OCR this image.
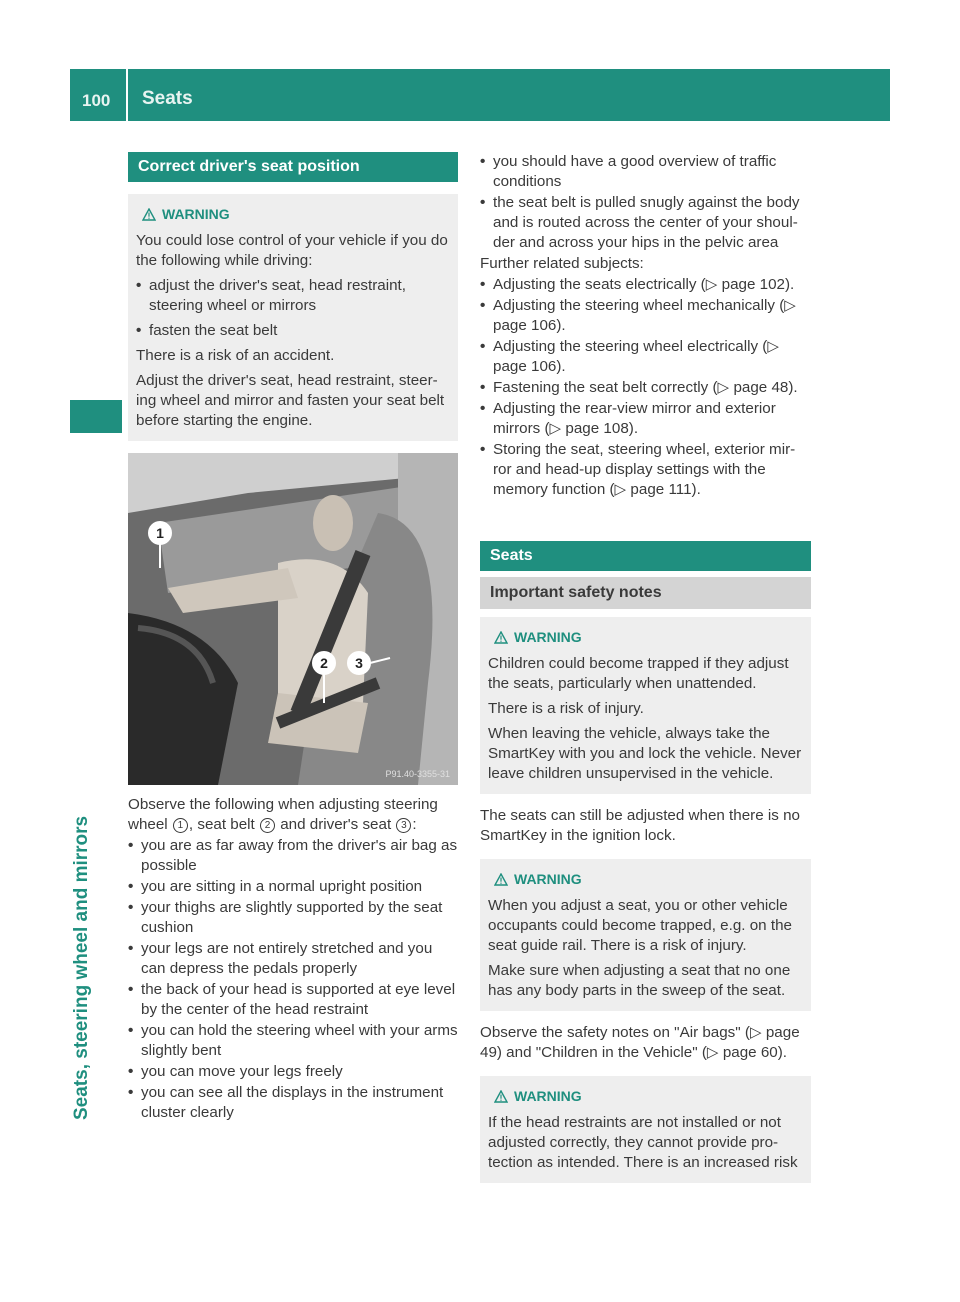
100 Seats
Seats, steering wheel and mirrors
Correct driver's seat position
WARNING

You could lose control of your vehicle if you do the following while driving:

• adjust the driver's seat, head restraint, steering wheel or mirrors
• fasten the seat belt

There is a risk of an accident.

Adjust the driver's seat, head restraint, steer-ing wheel and mirror and fasten your seat belt before starting the engine.

1
2 3
P91.40-3355-31

Observe the following when adjusting steering wheel 1 , seat belt 2 and driver's seat 3 :

• you are as far away from the driver's air bag as possible
• you are sitting in a normal upright position
• your thighs are slightly supported by the seat cushion
• your legs are not entirely stretched and you can depress the pedals properly
• the back of your head is supported at eye level by the center of the head restraint
• you can hold the steering wheel with your arms slightly bent
• you can move your legs freely
• you can see all the displays in the instrument cluster clearly
• you should have a good overview of traffic conditions
• the seat belt is pulled snugly against the body and is routed across the center of your shoul-der and across your hips in the pelvic area

Further related subjects:

• Adjusting the seats electrically (▷ page 102).
• Adjusting the steering wheel mechanically (▷ page 106).
• Adjusting the steering wheel electrically (▷ page 106).
• Fastening the seat belt correctly (▷ page 48).
• Adjusting the rear-view mirror and exterior mirrors (▷ page 108).
• Storing the seat, steering wheel, exterior mir-ror and head-up display settings with the memory function (▷ page 111).
Seats
Important safety notes
WARNING

Children could become trapped if they adjust the seats, particularly when unattended.

There is a risk of injury.

When leaving the vehicle, always take the SmartKey with you and lock the vehicle. Never leave children unsupervised in the vehicle.

The seats can still be adjusted when there is no SmartKey in the ignition lock.

WARNING

When you adjust a seat, you or other vehicle occupants could become trapped, e.g. on the seat guide rail. There is a risk of injury.

Make sure when adjusting a seat that no one has any body parts in the sweep of the seat.

Observe the safety notes on "Air bags" (▷ page 49) and "Children in the Vehicle" (▷ page 60).

WARNING

If the head restraints are not installed or not adjusted correctly, they cannot provide pro-tection as intended. There is an increased risk
